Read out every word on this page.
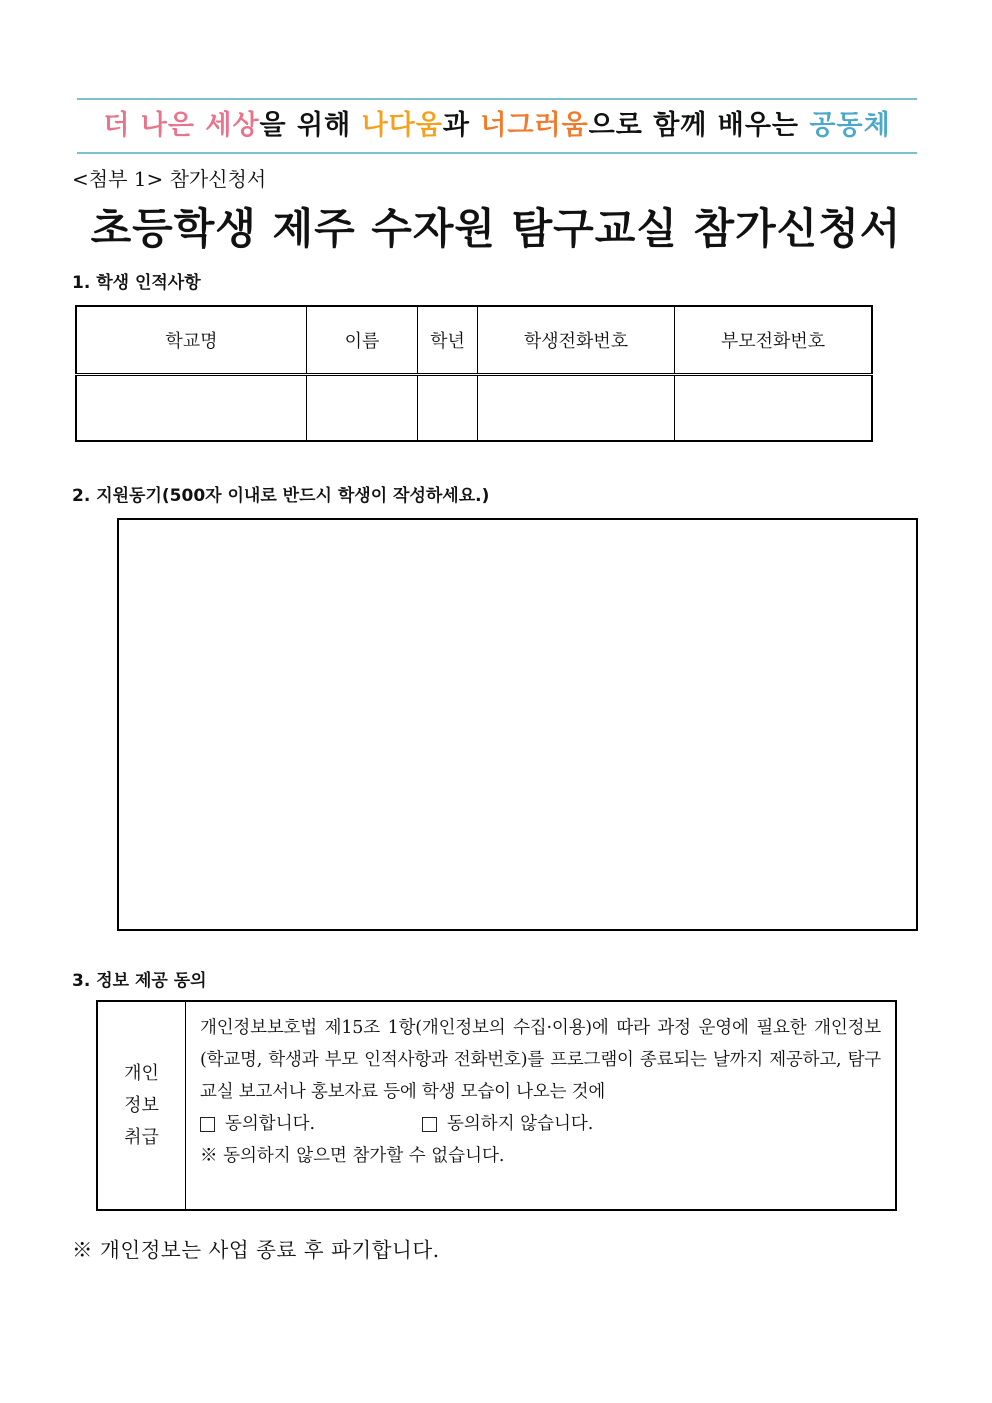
더 나은 세상을 위해 나다움과 너그러움으로 함께 배우는 공동체
<첨부 1> 참가신청서
초등학생 제주 수자원 탐구교실 참가신청서
1. 학생 인적사항
학교명	이름	학년	학생전화번호	부모전화번호

2. 지원동기(500자 이내로 반드시 학생이 작성하세요.)
3. 정보 제공 동의
개인
정보
취급
개인정보보호법 제15조 1항(개인정보의 수집·이용)에 따라 과정 운영에 필요한 개인정보(학교명, 학생과 부모 인적사항과 전화번호)를 프로그램이 종료되는 날까지 제공하고, 탐구교실 보고서나 홍보자료 등에 학생 모습이 나오는 것에
동의합니다.	동의하지 않습니다.
※ 동의하지 않으면 참가할 수 없습니다.
※ 개인정보는 사업 종료 후 파기합니다.
